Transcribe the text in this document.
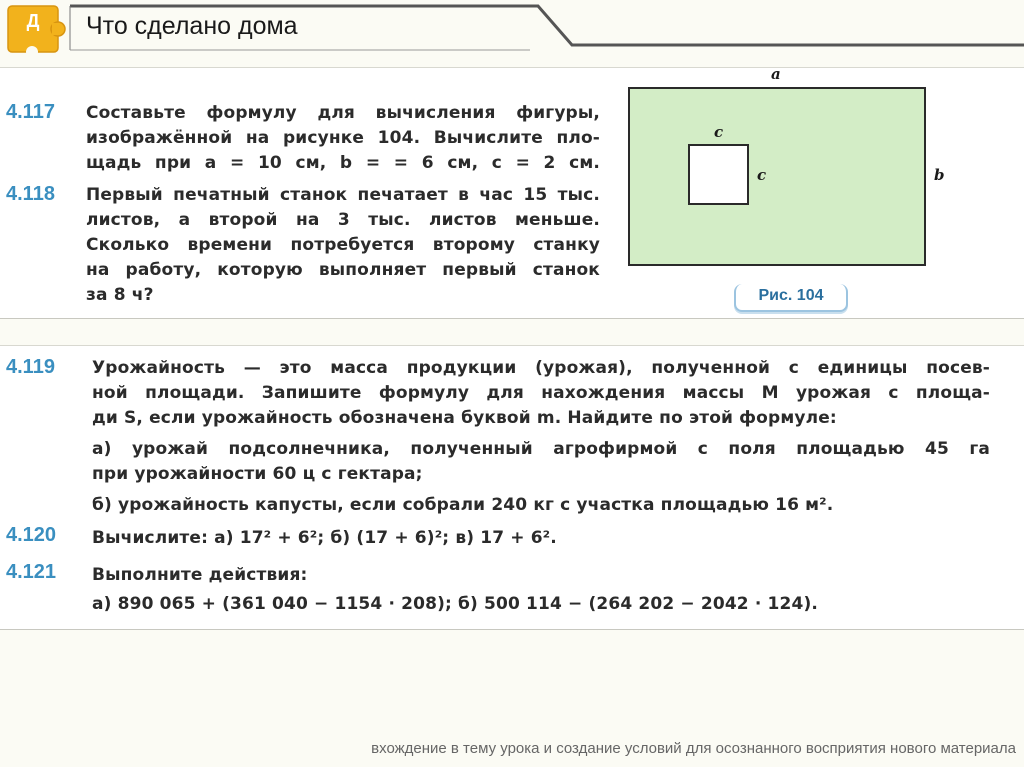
Д Что сделано дома
4.117 Составьте формулу для вычисления фигуры,
изображённой на рисунке 104. Вычислите пло-
щадь при a = 10 см, b = = 6 см, c = 2 см.
4.118 Первый печатный станок печатает в час 15 тыс.
листов, а второй на 3 тыс. листов меньше.
Сколько времени потребуется второму станку
на работу, которую выполняет первый станок
за 8 ч?
a
b
c
c
Рис. 104
4.119 Урожайность — это масса продукции (урожая), полученной с единицы посев-
ной площади. Запишите формулу для нахождения массы M урожая с площа-
ди S, если урожайность обозначена буквой m. Найдите по этой формуле:
а) урожай подсолнечника, полученный агрофирмой с поля площадью 45 га
при урожайности 60 ц с гектара;
б) урожайность капусты, если собрали 240 кг с участка площадью 16 м².
4.120 Вычислите: а) 17² + 6²; б) (17 + 6)²; в) 17 + 6².
4.121 Выполните действия:
а) 890 065 + (361 040 − 1154 · 208); б) 500 114 − (264 202 − 2042 · 124).
вхождение в тему урока и создание условий для осознанного восприятия нового материала
